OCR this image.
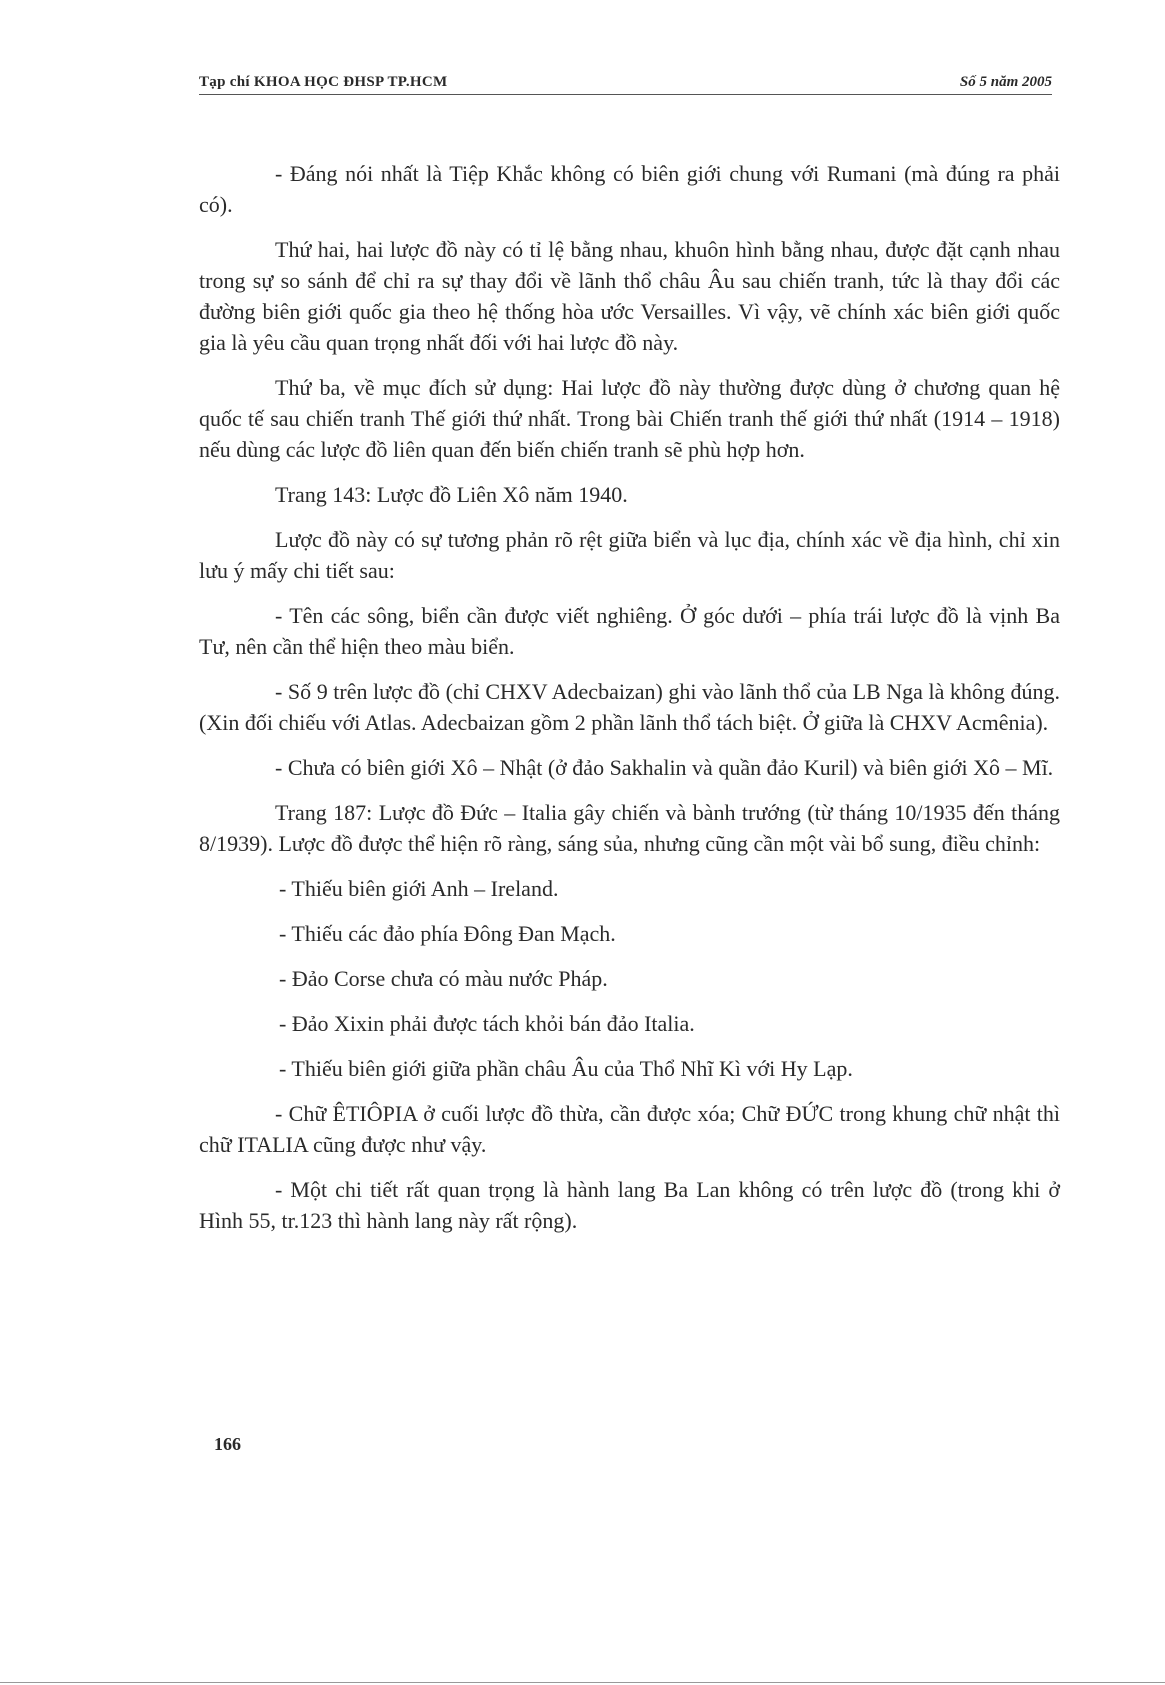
Tạp chí KHOA HỌC ĐHSP TP.HCM	Số 5 năm 2005

- Đáng nói nhất là Tiệp Khắc không có biên giới chung với Rumani (mà đúng ra phải có).

Thứ hai, hai lược đồ này có tỉ lệ bằng nhau, khuôn hình bằng nhau, được đặt cạnh nhau trong sự so sánh để chỉ ra sự thay đổi về lãnh thổ châu Âu sau chiến tranh, tức là thay đổi các đường biên giới quốc gia theo hệ thống hòa ước Versailles. Vì vậy, vẽ chính xác biên giới quốc gia là yêu cầu quan trọng nhất đối với hai lược đồ này.

Thứ ba, về mục đích sử dụng: Hai lược đồ này thường được dùng ở chương quan hệ quốc tế sau chiến tranh Thế giới thứ nhất. Trong bài Chiến tranh thế giới thứ nhất (1914 – 1918) nếu dùng các lược đồ liên quan đến biến chiến tranh sẽ phù hợp hơn.

Trang 143: Lược đồ Liên Xô năm 1940.

Lược đồ này có sự tương phản rõ rệt giữa biển và lục địa, chính xác về địa hình, chỉ xin lưu ý mấy chi tiết sau:

- Tên các sông, biển cần được viết nghiêng. Ở góc dưới – phía trái lược đồ là vịnh Ba Tư, nên cần thể hiện theo màu biển.

- Số 9 trên lược đồ (chỉ CHXV Adecbaizan) ghi vào lãnh thổ của LB Nga là không đúng. (Xin đối chiếu với Atlas. Adecbaizan gồm 2 phần lãnh thổ tách biệt. Ở giữa là CHXV Acmênia).

- Chưa có biên giới Xô – Nhật (ở đảo Sakhalin và quần đảo Kuril) và biên giới Xô – Mĩ.

Trang 187: Lược đồ Đức – Italia gây chiến và bành trướng (từ tháng 10/1935 đến tháng 8/1939). Lược đồ được thể hiện rõ ràng, sáng sủa, nhưng cũng cần một vài bổ sung, điều chỉnh:

- Thiếu biên giới Anh – Ireland.

- Thiếu các đảo phía Đông Đan Mạch.

- Đảo Corse chưa có màu nước Pháp.

- Đảo Xixin phải được tách khỏi bán đảo Italia.

- Thiếu biên giới giữa phần châu Âu của Thổ Nhĩ Kì với Hy Lạp.

- Chữ ÊTIÔPIA ở cuối lược đồ thừa, cần được xóa; Chữ ĐỨC trong khung chữ nhật thì chữ ITALIA cũng được như vậy.

- Một chi tiết rất quan trọng là hành lang Ba Lan không có trên lược đồ (trong khi ở Hình 55, tr.123 thì hành lang này rất rộng).

166
